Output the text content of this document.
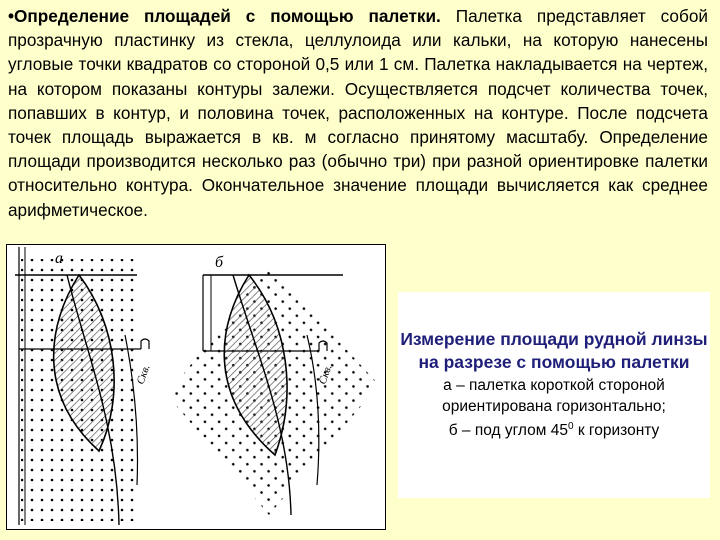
•Определение площадей с помощью палетки. Палетка представляет собой прозрачную пластинку из стекла, целлулоида или кальки, на которую нанесены угловые точки квадратов со стороной 0,5 или 1 см. Палетка накладывается на чертеж, на котором показаны контуры залежи. Осуществляется подсчет количества точек, попавших в контур, и половина точек, расположенных на контуре. После подсчета точек площадь выражается в кв. м согласно принятому масштабу. Определение площади производится несколько раз (обычно три) при разной ориентировке палетки относительно контура. Окончательное значение площади вычисляется как среднее арифметическое.
а	б
Скв.	Скв.
Измерение площади рудной линзы на разрезе с помощью палетки
а – палетка короткой стороной ориентирована горизонтально;
б – под углом $45^0$ к горизонту
